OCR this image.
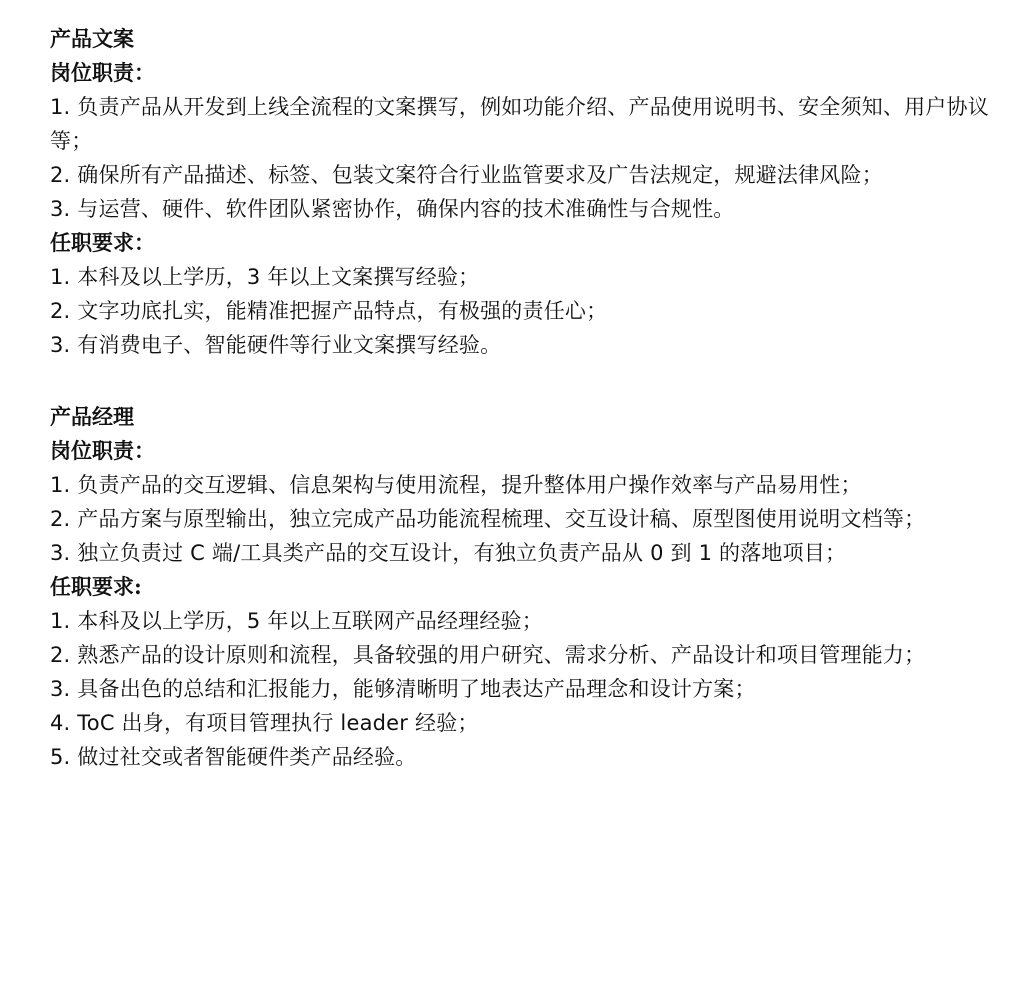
产品文案

岗位职责：

1. 负责产品从开发到上线全流程的文案撰写，例如功能介绍、产品使用说明书、安全须知、用户协议等；
2. 确保所有产品描述、标签、包装文案符合行业监管要求及广告法规定，规避法律风险；
3. 与运营、硬件、软件团队紧密协作，确保内容的技术准确性与合规性。

任职要求：

1. 本科及以上学历，3 年以上文案撰写经验；
2. 文字功底扎实，能精准把握产品特点，有极强的责任心；
3. 有消费电子、智能硬件等行业文案撰写经验。

产品经理

岗位职责：

1. 负责产品的交互逻辑、信息架构与使用流程，提升整体用户操作效率与产品易用性；
2. 产品方案与原型输出，独立完成产品功能流程梳理、交互设计稿、原型图使用说明文档等；
3. 独立负责过 C 端/工具类产品的交互设计，有独立负责产品从 0 到 1 的落地项目；

任职要求:

1. 本科及以上学历，5 年以上互联网产品经理经验；
2. 熟悉产品的设计原则和流程，具备较强的用户研究、需求分析、产品设计和项目管理能力；
3. 具备出色的总结和汇报能力，能够清晰明了地表达产品理念和设计方案；
4. ToC 出身，有项目管理执行 leader 经验；
5. 做过社交或者智能硬件类产品经验。
